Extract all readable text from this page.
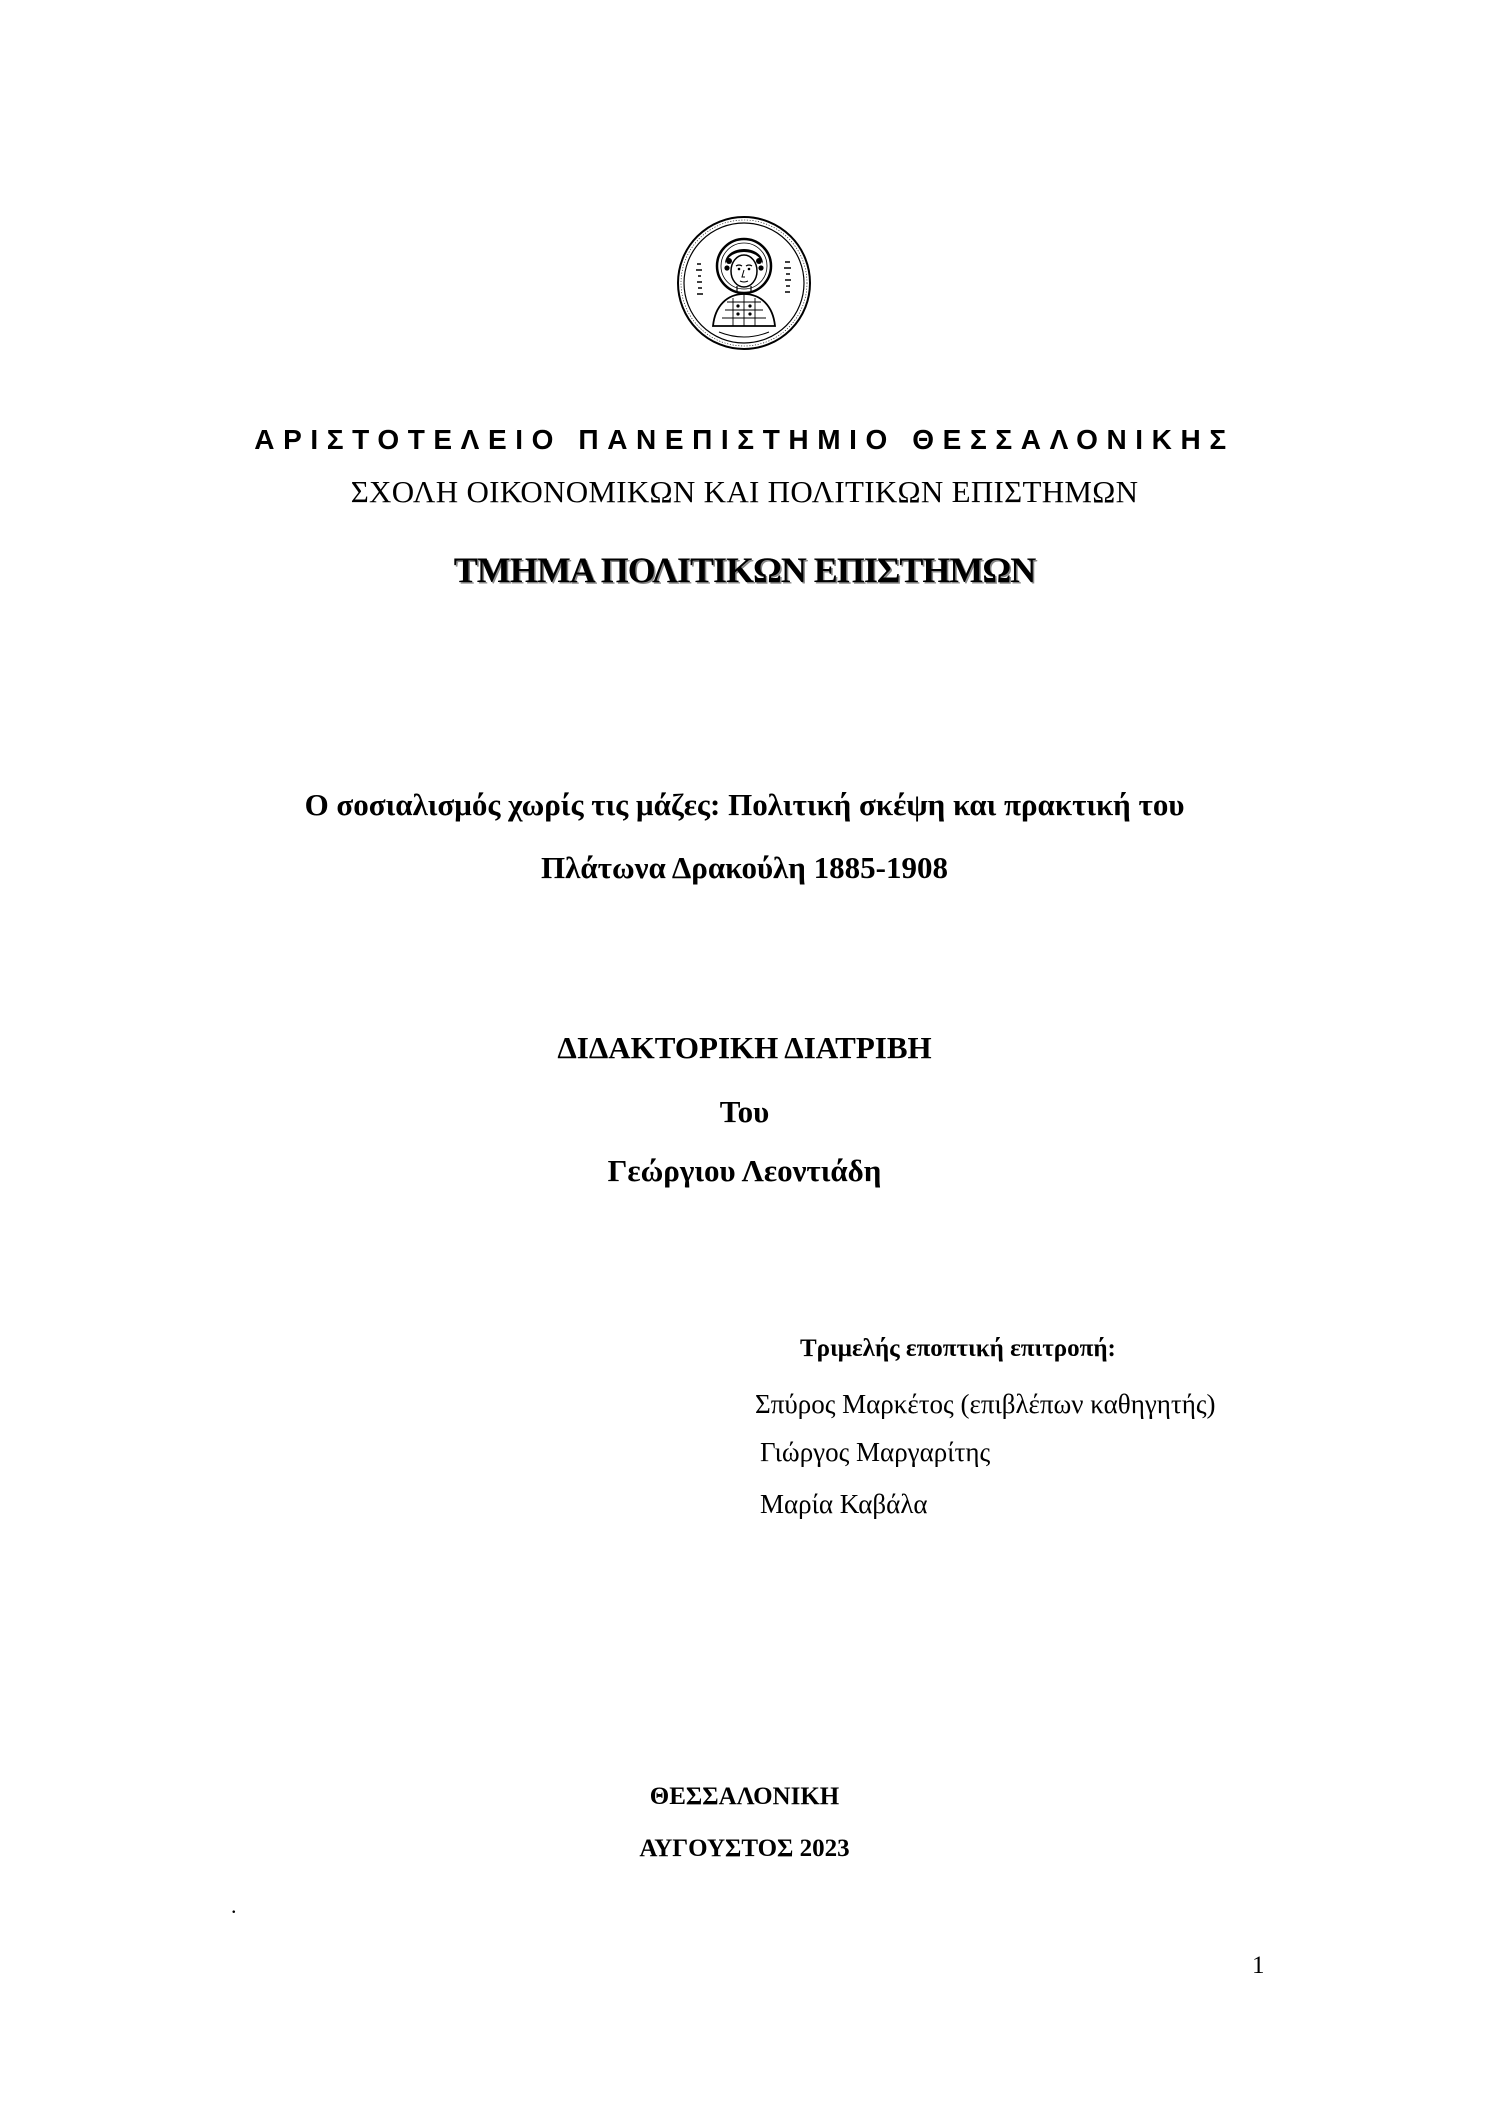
ΑΡΙΣΤΟΤΕΛΕΙΟ ΠΑΝΕΠΙΣΤΗΜΙΟ ΘΕΣΣΑΛΟΝΙΚΗΣ
ΣΧΟΛΗ ΟΙΚΟΝΟΜΙΚΩΝ ΚΑΙ ΠΟΛΙΤΙΚΩΝ ΕΠΙΣΤΗΜΩΝ
ΤΜΗΜΑ ΠΟΛΙΤΙΚΩΝ ΕΠΙΣΤΗΜΩΝ
Ο σοσιαλισμός χωρίς τις μάζες: Πολιτική σκέψη και πρακτική του
Πλάτωνα Δρακούλη 1885-1908
ΔΙΔΑΚΤΟΡΙΚΗ ΔΙΑΤΡΙΒΗ
Του
Γεώργιου Λεοντιάδη
Τριμελής εποπτική επιτροπή:
Σπύρος Μαρκέτος (επιβλέπων καθηγητής)
Γιώργος Μαργαρίτης
Μαρία Καβάλα
ΘΕΣΣΑΛΟΝΙΚΗ
ΑΥΓΟΥΣΤΟΣ 2023
.
1
